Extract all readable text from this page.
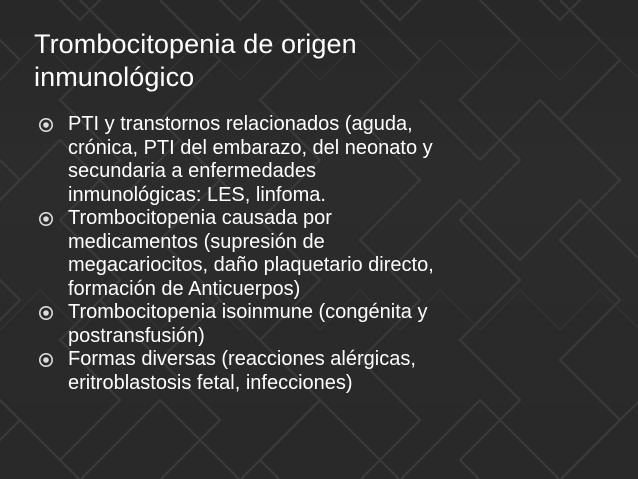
Trombocitopenia de origen
inmunológico
PTI y transtornos relacionados (aguda,
crónica, PTI del embarazo, del neonato y
secundaria a enfermedades
inmunológicas: LES, linfoma.
Trombocitopenia causada por
medicamentos (supresión de
megacariocitos, daño plaquetario directo,
formación de Anticuerpos)
Trombocitopenia isoinmune (congénita y
postransfusión)
Formas diversas (reacciones alérgicas,
eritroblastosis fetal, infecciones)
